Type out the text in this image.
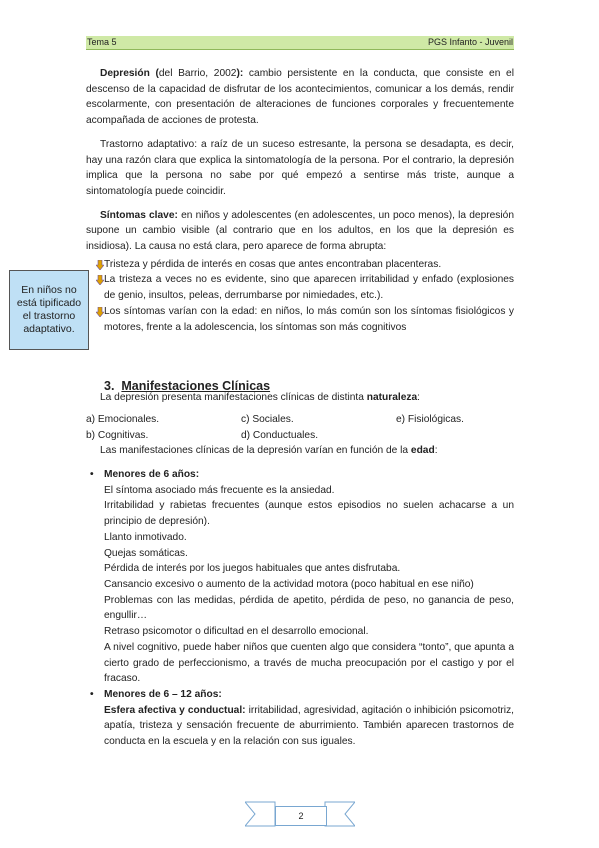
Tema 5	PGS Infanto - Juvenil

Depresión (del Barrio, 2002): cambio persistente en la conducta, que consiste en el descenso de la capacidad de disfrutar de los acontecimientos, comunicar a los demás, rendir escolarmente, con presentación de alteraciones de funciones corporales y frecuentemente acompañada de acciones de protesta.

Trastorno adaptativo: a raíz de un suceso estresante, la persona se desadapta, es decir, hay una razón clara que explica la sintomatología de la persona. Por el contrario, la depresión implica que la persona no sabe por qué empezó a sentirse más triste, aunque a sintomatología puede coincidir.

Síntomas clave: en niños y adolescentes (en adolescentes, un poco menos), la depresión supone un cambio visible (al contrario que en los adultos, en los que la depresión es insidiosa). La causa no está clara, pero aparece de forma abrupta:

Tristeza y pérdida de interés en cosas que antes encontraban placenteras.
La tristeza a veces no es evidente, sino que aparecen irritabilidad y enfado (explosiones de genio, insultos, peleas, derrumbarse por nimiedades, etc.).
Los síntomas varían con la edad: en niños, lo más común son los síntomas fisiológicos y motores, frente a la adolescencia, los síntomas son más cognitivos

La depresión presenta manifestaciones clínicas de distinta naturaleza:

a) Emocionales.	c) Sociales.	e) Fisiológicas.
b) Cognitivas.	d) Conductuales.

Las manifestaciones clínicas de la depresión varían en función de la edad:

• Menores de 6 años:
El síntoma asociado más frecuente es la ansiedad.
Irritabilidad y rabietas frecuentes (aunque estos episodios no suelen achacarse a un principio de depresión).
Llanto inmotivado.
Quejas somáticas.
Pérdida de interés por los juegos habituales que antes disfrutaba.
Cansancio excesivo o aumento de la actividad motora (poco habitual en ese niño)
Problemas con las medidas, pérdida de apetito, pérdida de peso, no ganancia de peso, engullir…
Retraso psicomotor o dificultad en el desarrollo emocional.
A nivel cognitivo, puede haber niños que cuenten algo que considera “tonto”, que apunta a cierto grado de perfeccionismo, a través de mucha preocupación por el castigo y por el fracaso.
• Menores de 6 – 12 años:
Esfera afectiva y conductual: irritabilidad, agresividad, agitación o inhibición psicomotriz, apatía, tristeza y sensación frecuente de aburrimiento. También aparecen trastornos de conducta en la escuela y en la relación con sus iguales.
En niños no está tipificado el trastorno adaptativo.
3. Manifestaciones Clínicas
2
